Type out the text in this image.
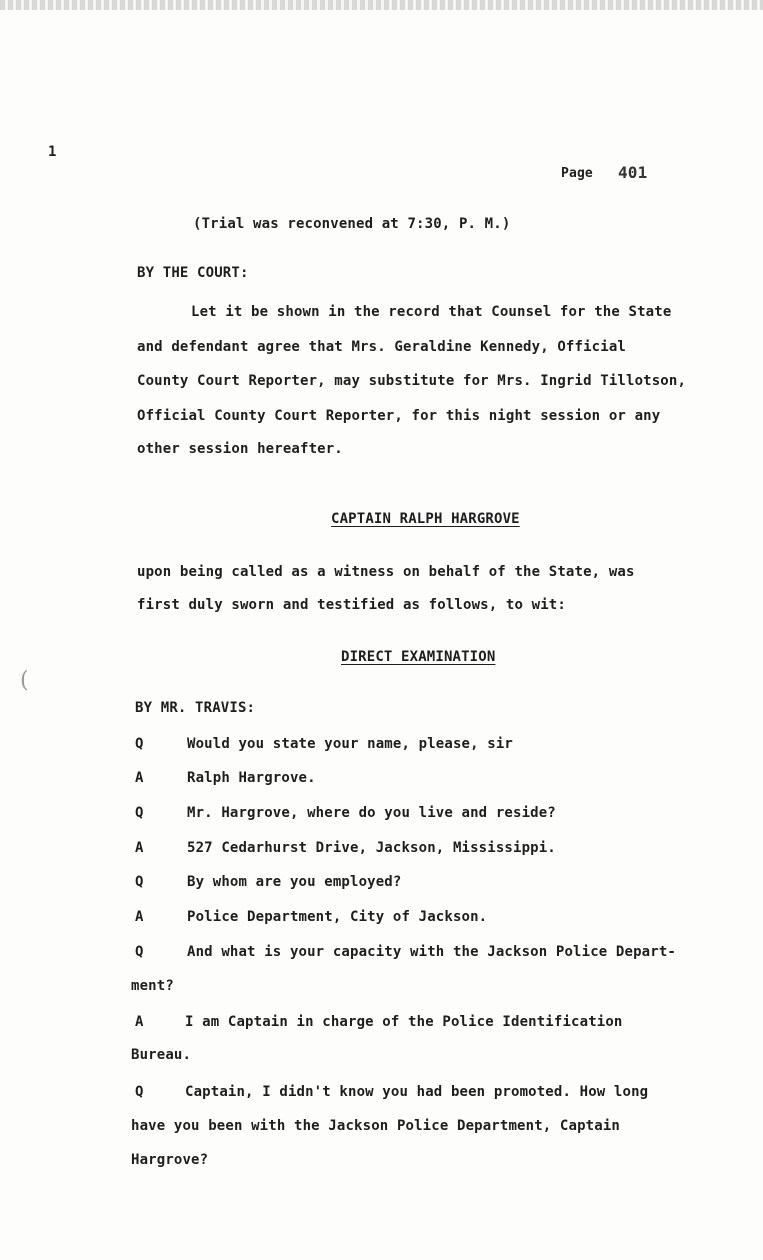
1
Page 401
(Trial was reconvened at 7:30, P. M.)
BY THE COURT:
Let it be shown in the record that Counsel for the State
and defendant agree that Mrs. Geraldine Kennedy, Official
County Court Reporter, may substitute for Mrs. Ingrid Tillotson,
Official County Court Reporter, for this night session or any
other session hereafter.
CAPTAIN RALPH HARGROVE
upon being called as a witness on behalf of the State, was
first duly sworn and testified as follows, to wit:
DIRECT EXAMINATION
(
BY MR. TRAVIS:
Q	Would you state your name, please, sir
A	Ralph Hargrove.
Q	Mr. Hargrove, where do you live and reside?
A	527 Cedarhurst Drive, Jackson, Mississippi.
Q	By whom are you employed?
A	Police Department, City of Jackson.
Q	And what is your capacity with the Jackson Police Depart-
ment?
A	I am Captain in charge of the Police Identification
Bureau.
Q	Captain, I didn't know you had been promoted. How long
have you been with the Jackson Police Department, Captain
Hargrove?
